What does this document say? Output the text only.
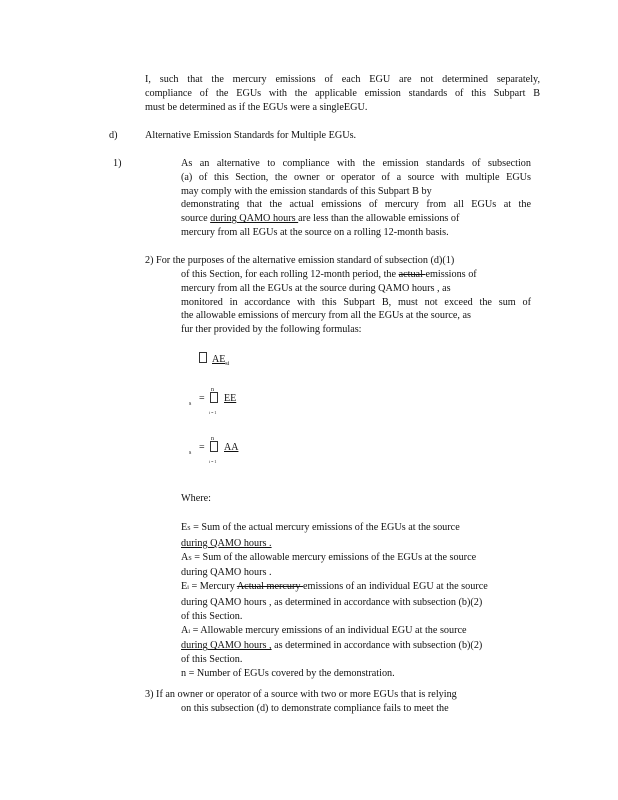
I, such that the mercury emissions of each EGU are not determined separately,
compliance of the EGUs with the applicable emission standards of this Subpart B
must be determined as if the EGUs were a singleEGU.
d)	Alternative Emission Standards for Multiple EGUs.
1)	As an alternative to compliance with the emission standards of subsection
(a) of this Section, the owner or operator of a source with multiple EGUs
may comply with the emission standards of this Subpart B by
demonstrating that the actual emissions of mercury from all EGUs at the
source during QAMO hours are less than the allowable emissions of
mercury from all EGUs at the source on a rolling 12-month basis.
2) For the purposes of the alternative emission standard of subsection (d)(1)
of this Section, for each rolling 12-month period, the actual emissions of
mercury from all the EGUs at the source during QAMO hours , as
monitored in accordance with this Subpart B, must not exceed the sum of
the allowable emissions of mercury from all the EGUs at the source, as
fur ther provided by the following formulas:
$AE_{si}$
s =
n
i = 1
EE
s =
n
i = 1
AA
Where:
ES = Sum of the actual mercury emissions of the EGUs at the source
during QAMO hours .
AS = Sum of the allowable mercury emissions of the EGUs at the source
during QAMO hours .
Ei = Mercury Actual mercury emissions of an individual EGU at the source
during QAMO hours , as determined in accordance with subsection (b)(2)
of this Section.
Ai = Allowable mercury emissions of an individual EGU at the source
during QAMO hours , as determined in accordance with subsection (b)(2)
of this Section.
n = Number of EGUs covered by the demonstration.
3) If an owner or operator of a source with two or more EGUs that is relying
on this subsection (d) to demonstrate compliance fails to meet the
